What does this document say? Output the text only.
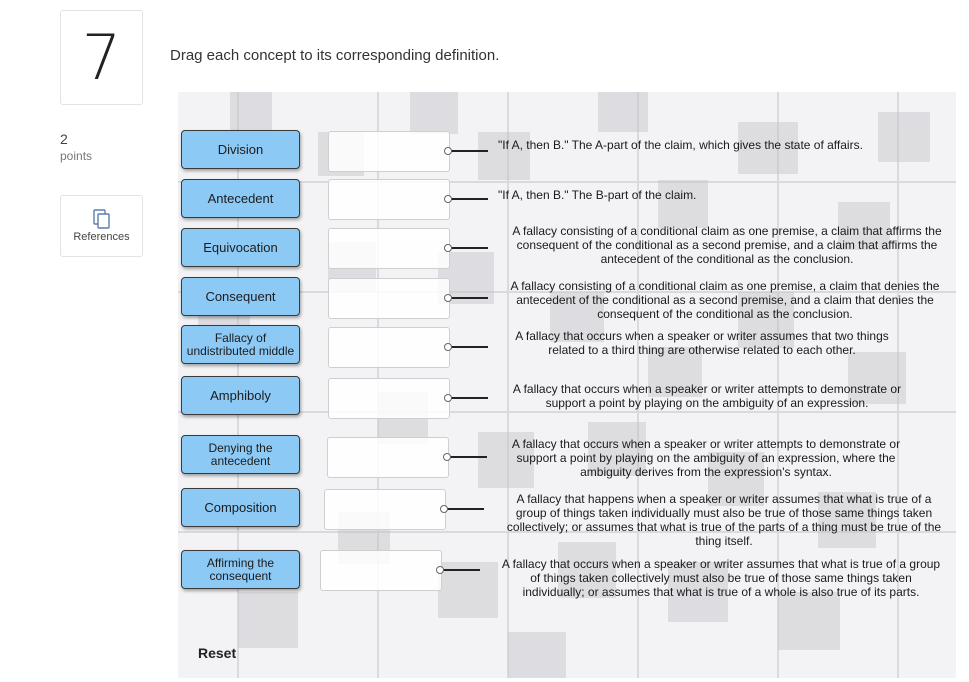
7
2
points
References
Drag each concept to its corresponding definition.
Division
Antecedent
Equivocation
Consequent
Fallacy of undistributed middle
Amphiboly
Denying the antecedent
Composition
Affirming the consequent
"If A, then B." The A-part of the claim, which gives the state of affairs.
"If A, then B." The B-part of the claim.
A fallacy consisting of a conditional claim as one premise, a claim that affirms the consequent of the conditional as a second premise, and a claim that affirms the antecedent of the conditional as the conclusion.
A fallacy consisting of a conditional claim as one premise, a claim that denies the antecedent of the conditional as a second premise, and a claim that denies the consequent of the conditional as the conclusion.
A fallacy that occurs when a speaker or writer assumes that two things related to a third thing are otherwise related to each other.
A fallacy that occurs when a speaker or writer attempts to demonstrate or support a point by playing on the ambiguity of an expression.
A fallacy that occurs when a speaker or writer attempts to demonstrate or support a point by playing on the ambiguity of an expression, where the ambiguity derives from the expression's syntax.
A fallacy that happens when a speaker or writer assumes that what is true of a group of things taken individually must also be true of those same things taken collectively; or assumes that what is true of the parts of a thing must be true of the thing itself.
A fallacy that occurs when a speaker or writer assumes that what is true of a group of things taken collectively must also be true of those same things taken individually; or assumes that what is true of a whole is also true of its parts.
Reset
